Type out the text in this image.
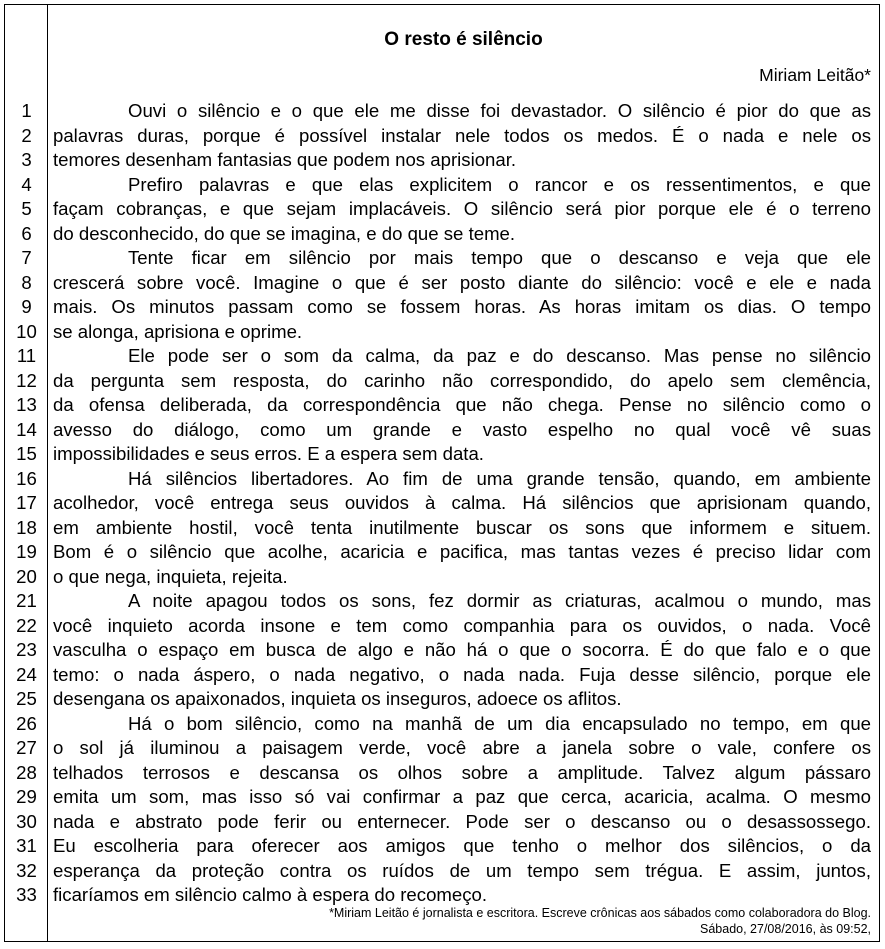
O resto é silêncio
Miriam Leitão*
1	Ouvi o silêncio e o que ele me disse foi devastador. O silêncio é pior do que as
2	palavras duras, porque é possível instalar nele todos os medos. É o nada e nele os
3	temores desenham fantasias que podem nos aprisionar.
4	Prefiro palavras e que elas explicitem o rancor e os ressentimentos, e que
5	façam cobranças, e que sejam implacáveis. O silêncio será pior porque ele é o terreno
6	do desconhecido, do que se imagina, e do que se teme.
7	Tente ficar em silêncio por mais tempo que o descanso e veja que ele
8	crescerá sobre você. Imagine o que é ser posto diante do silêncio: você e ele e nada
9	mais. Os minutos passam como se fossem horas. As horas imitam os dias. O tempo
10 se alonga, aprisiona e oprime.
11	Ele pode ser o som da calma, da paz e do descanso. Mas pense no silêncio
12 da pergunta sem resposta, do carinho não correspondido, do apelo sem clemência,
13 da ofensa deliberada, da correspondência que não chega. Pense no silêncio como o
14 avesso do diálogo, como um grande e vasto espelho no qual você vê suas
15 impossibilidades e seus erros. E a espera sem data.
16	Há silêncios libertadores. Ao fim de uma grande tensão, quando, em ambiente
17 acolhedor, você entrega seus ouvidos à calma. Há silêncios que aprisionam quando,
18 em ambiente hostil, você tenta inutilmente buscar os sons que informem e situem.
19 Bom é o silêncio que acolhe, acaricia e pacifica, mas tantas vezes é preciso lidar com
20 o que nega, inquieta, rejeita.
21	A noite apagou todos os sons, fez dormir as criaturas, acalmou o mundo, mas
22 você inquieto acorda insone e tem como companhia para os ouvidos, o nada. Você
23 vasculha o espaço em busca de algo e não há o que o socorra. É do que falo e o que
24 temo: o nada áspero, o nada negativo, o nada nada. Fuja desse silêncio, porque ele
25 desengana os apaixonados, inquieta os inseguros, adoece os aflitos.
26	Há o bom silêncio, como na manhã de um dia encapsulado no tempo, em que
27 o sol já iluminou a paisagem verde, você abre a janela sobre o vale, confere os
28 telhados terrosos e descansa os olhos sobre a amplitude. Talvez algum pássaro
29 emita um som, mas isso só vai confirmar a paz que cerca, acaricia, acalma. O mesmo
30 nada e abstrato pode ferir ou enternecer. Pode ser o descanso ou o desassossego.
31 Eu escolheria para oferecer aos amigos que tenho o melhor dos silêncios, o da
32 esperança da proteção contra os ruídos de um tempo sem trégua. E assim, juntos,
33 ficaríamos em silêncio calmo à espera do recomeço.
*Miriam Leitão é jornalista e escritora. Escreve crônicas aos sábados como colaboradora do Blog.
Sábado, 27/08/2016, às 09:52,
